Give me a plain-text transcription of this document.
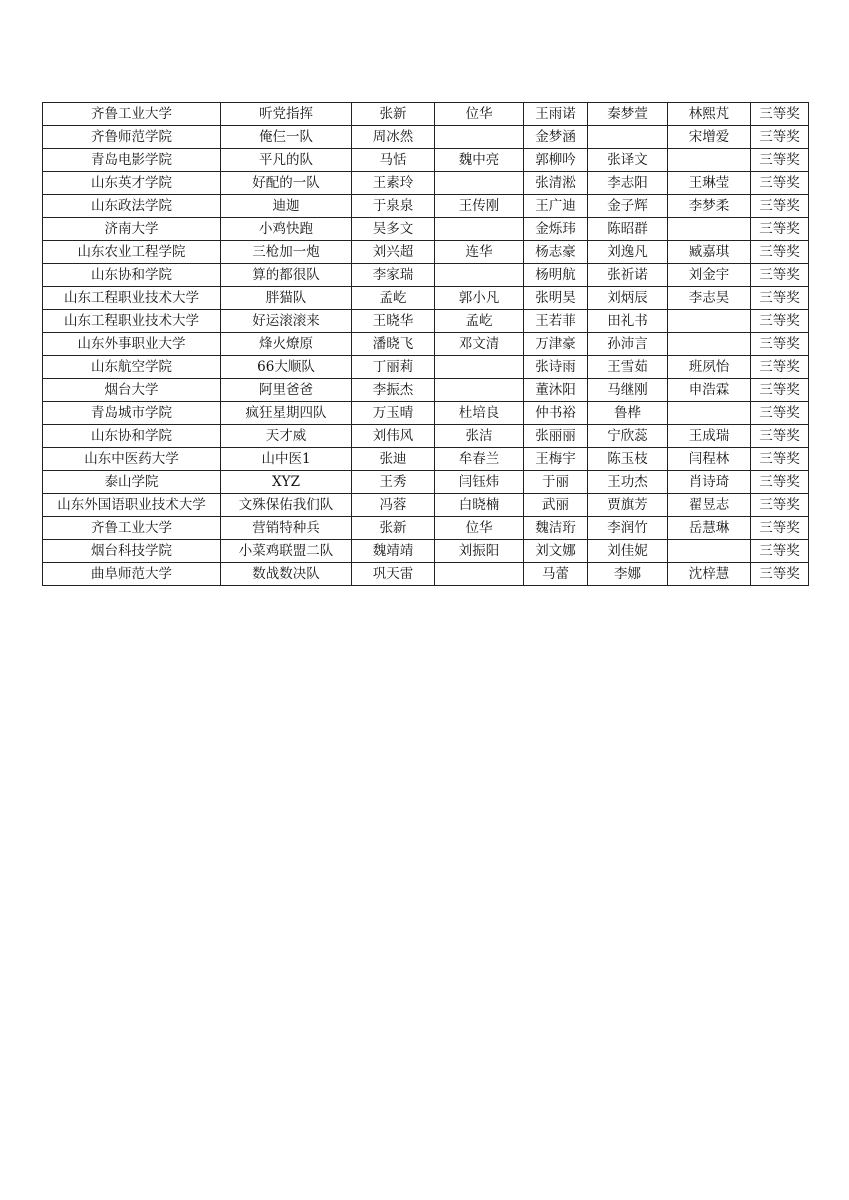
齐鲁工业大学	听党指挥	张新	位华	王雨诺	秦梦萱	林熙芃	三等奖
齐鲁师范学院	俺仨一队	周冰然		金梦涵		宋增爱	三等奖
青岛电影学院	平凡的队	马恬	魏中亮	郭柳吟	张译文		三等奖
山东英才学院	好配的一队	王素玲		张清淞	李志阳	王琳莹	三等奖
山东政法学院	迪迦	于泉泉	王传刚	王广迪	金子辉	李梦柔	三等奖
济南大学	小鸡快跑	吴多文		金烁玮	陈昭群		三等奖
山东农业工程学院	三枪加一炮	刘兴超	连华	杨志豪	刘逸凡	臧嘉琪	三等奖
山东协和学院	算的都很队	李家瑞		杨明航	张祈诺	刘金宇	三等奖
山东工程职业技术大学	胖猫队	孟屹	郭小凡	张明昊	刘炳辰	李志昊	三等奖
山东工程职业技术大学	好运滚滚来	王晓华	孟屹	王若菲	田礼书		三等奖
山东外事职业大学	烽火燎原	潘晓飞	邓文清	万津豪	孙沛言		三等奖
山东航空学院	66大顺队	丁丽莉		张诗雨	王雪茹	班夙怡	三等奖
烟台大学	阿里爸爸	李振杰		董沐阳	马继刚	申浩霖	三等奖
青岛城市学院	疯狂星期四队	万玉晴	杜培良	仲书裕	鲁桦		三等奖
山东协和学院	天才威	刘伟风	张洁	张丽丽	宁欣蕊	王成瑞	三等奖
山东中医药大学	山中医1	张迪	牟春兰	王梅宇	陈玉枝	闫程林	三等奖
泰山学院	XYZ	王秀	闫钰炜	于丽	王功杰	肖诗琦	三等奖
山东外国语职业技术大学	文殊保佑我们队	冯蓉	白晓楠	武丽	贾旗芳	翟昱志	三等奖
齐鲁工业大学	营销特种兵	张新	位华	魏洁珩	李润竹	岳慧琳	三等奖
烟台科技学院	小菜鸡联盟二队	魏靖靖	刘振阳	刘文娜	刘佳妮		三等奖
曲阜师范大学	数战数决队	巩天雷		马蕾	李娜	沈梓慧	三等奖
